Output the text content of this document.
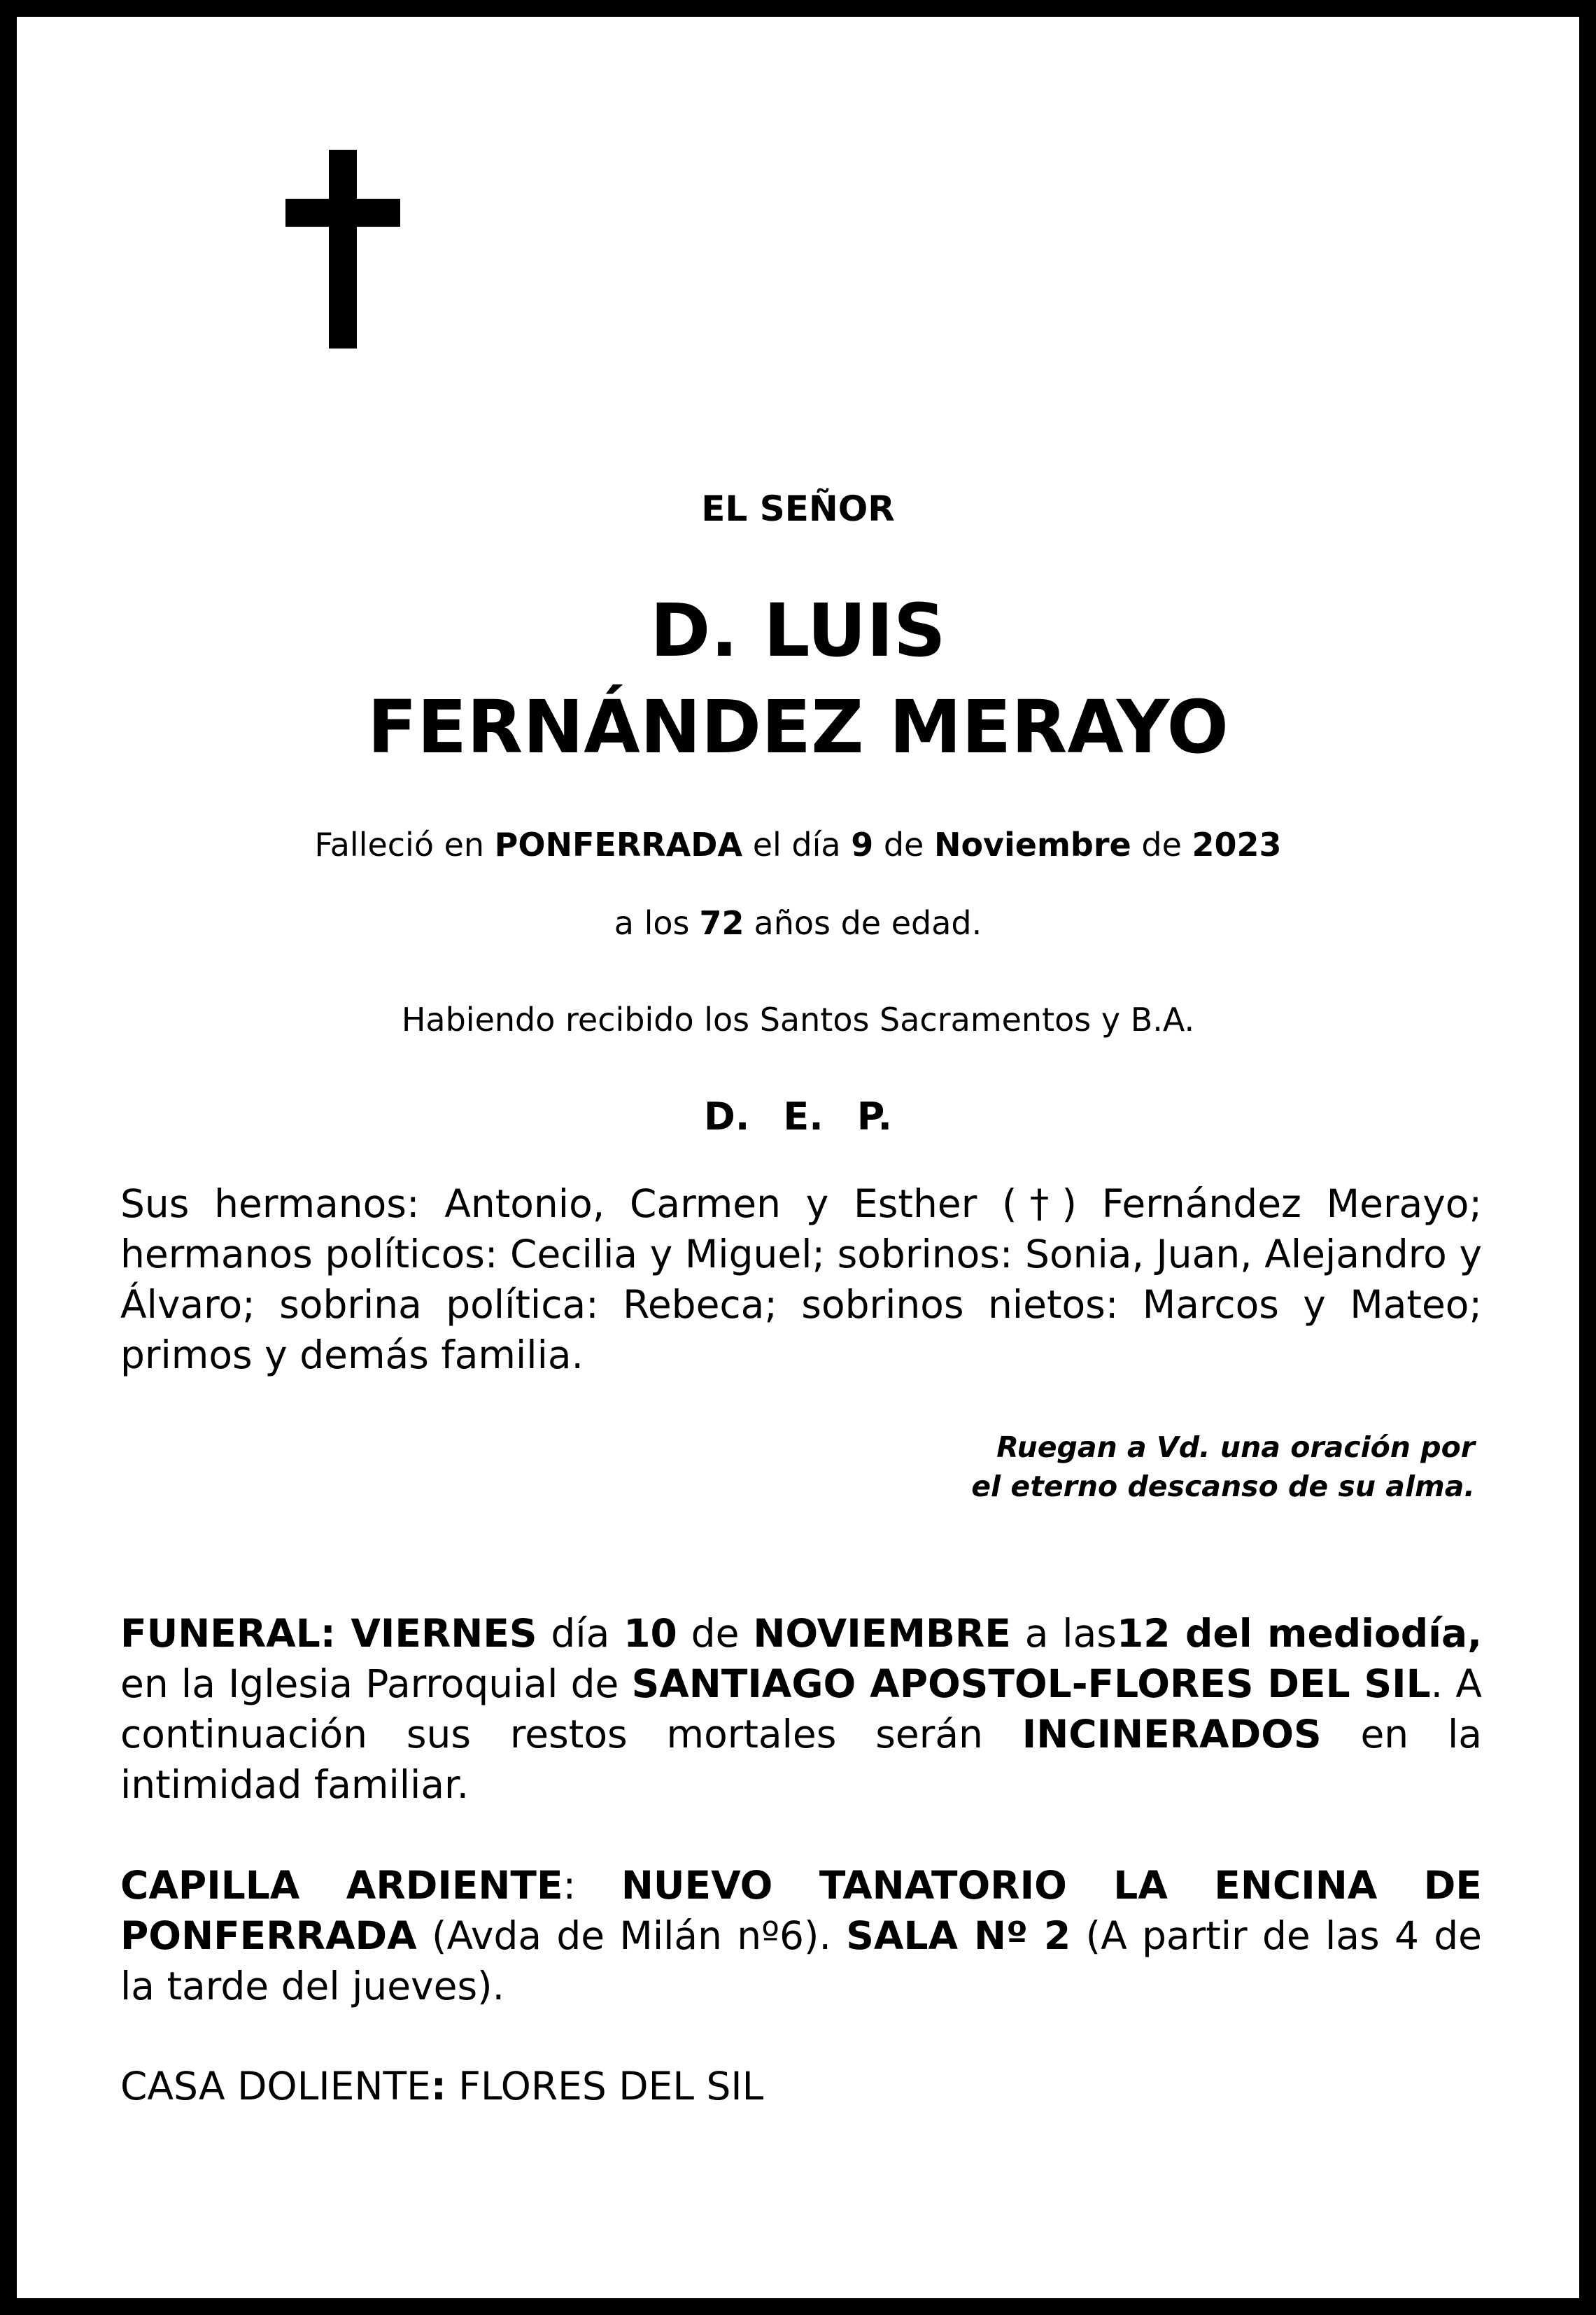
EL SEÑOR
D. LUIS
FERNÁNDEZ MERAYO
Falleció en PONFERRADA el día 9 de Noviembre de 2023
a los 72 años de edad.
Habiendo recibido los Santos Sacramentos y B.A.
D. E. P.
Sus hermanos: Antonio, Carmen y Esther (†) Fernández Merayo; hermanos políticos: Cecilia y Miguel; sobrinos: Sonia, Juan, Alejandro y Álvaro; sobrina política: Rebeca; sobrinos nietos: Marcos y Mateo; primos y demás familia.
Ruegan a Vd. una oración por
el eterno descanso de su alma.
FUNERAL: VIERNES día 10 de NOVIEMBRE a las12 del mediodía, en la Iglesia Parroquial de SANTIAGO APOSTOL-FLORES DEL SIL. A continuación sus restos mortales serán INCINERADOS en la intimidad familiar.
CAPILLA ARDIENTE: NUEVO TANATORIO LA ENCINA DE PONFERRADA (Avda de Milán nº6). SALA Nº 2 (A partir de las 4 de la tarde del jueves).
CASA DOLIENTE: FLORES DEL SIL
